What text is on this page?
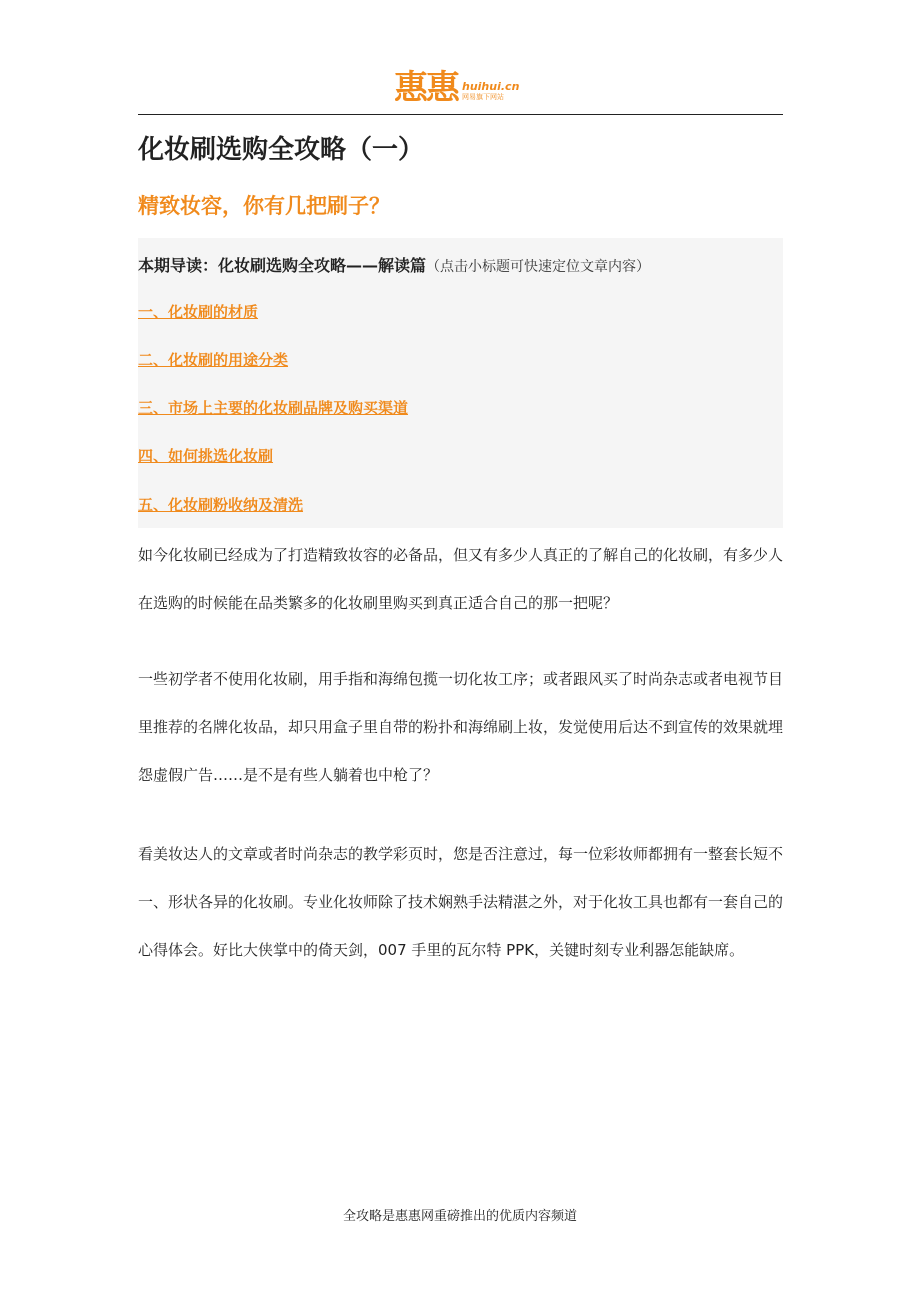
惠惠 huihui.cn
网易旗下网站
化妆刷选购全攻略（一）
精致妆容，你有几把刷子？
本期导读：化妆刷选购全攻略——解读篇（点击小标题可快速定位文章内容）
一、化妆刷的材质
二、化妆刷的用途分类
三、市场上主要的化妆刷品牌及购买渠道
四、如何挑选化妆刷
五、化妆刷粉收纳及清洗

如今化妆刷已经成为了打造精致妆容的必备品，但又有多少人真正的了解自己的化妆刷，有多少人在选购的时候能在品类繁多的化妆刷里购买到真正适合自己的那一把呢？

一些初学者不使用化妆刷，用手指和海绵包揽一切化妆工序；或者跟风买了时尚杂志或者电视节目里推荐的名牌化妆品，却只用盒子里自带的粉扑和海绵刷上妆，发觉使用后达不到宣传的效果就埋怨虚假广告……是不是有些人躺着也中枪了？

看美妆达人的文章或者时尚杂志的教学彩页时，您是否注意过，每一位彩妆师都拥有一整套长短不一、形状各异的化妆刷。专业化妆师除了技术娴熟手法精湛之外，对于化妆工具也都有一套自己的心得体会。好比大侠掌中的倚天剑，007 手里的瓦尔特 PPK，关键时刻专业利器怎能缺席。

全攻略是惠惠网重磅推出的优质内容频道
